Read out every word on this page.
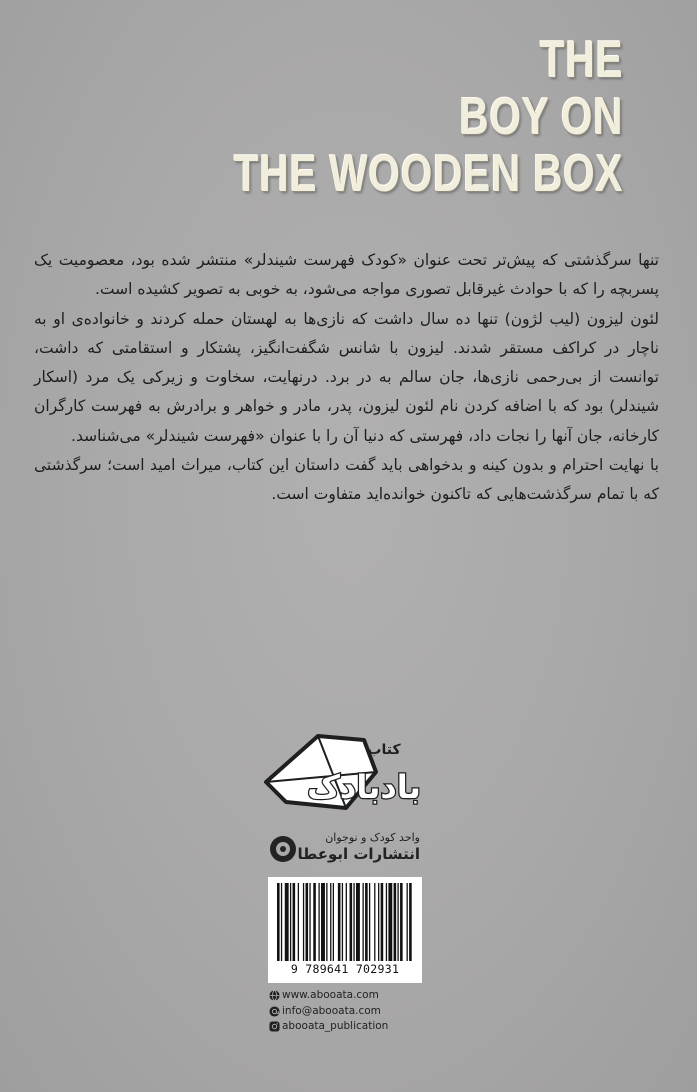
THE
BOY ON
THE WOODEN BOX
تنها سرگذشتی که پیش‌تر تحت عنوان «کودک فهرست شیندلر» منتشر شده بود، معصومیت یک پسربچه را که با حوادث غیرقابل تصوری مواجه می‌شود، به خوبی به تصویر کشیده است.
لئون لیزون (لیب لژون) تنها ده سال داشت که نازی‌ها به لهستان حمله کردند و خانواده‌ی او به ناچار در کراکف مستقر شدند. لیزون با شانس شگفت‌انگیز، پشتکار و استقامتی که داشت، توانست از بی‌رحمی نازی‌ها، جان سالم به در برد. درنهایت، سخاوت و زیرکی یک مرد (اسکار شیندلر) بود که با اضافه کردن نام لئون لیزون، پدر، مادر و خواهر و برادرش به فهرست کارگران کارخانه، جان آنها را نجات داد، فهرستی که دنیا آن را با عنوان «فهرست شیندلر» می‌شناسد.
با نهایت احترام و بدون کینه و بدخواهی باید گفت داستان این کتاب، میراث امید است؛ سرگذشتی که با تمام سرگذشت‌هایی که تاکنون خوانده‌اید متفاوت است.
کتاب
بادبادک
واحد کودک و نوجوان
انتشارات ابوعطا
9 789641 702931
www.abooata.com
info@abooata.com
abooata_publication
